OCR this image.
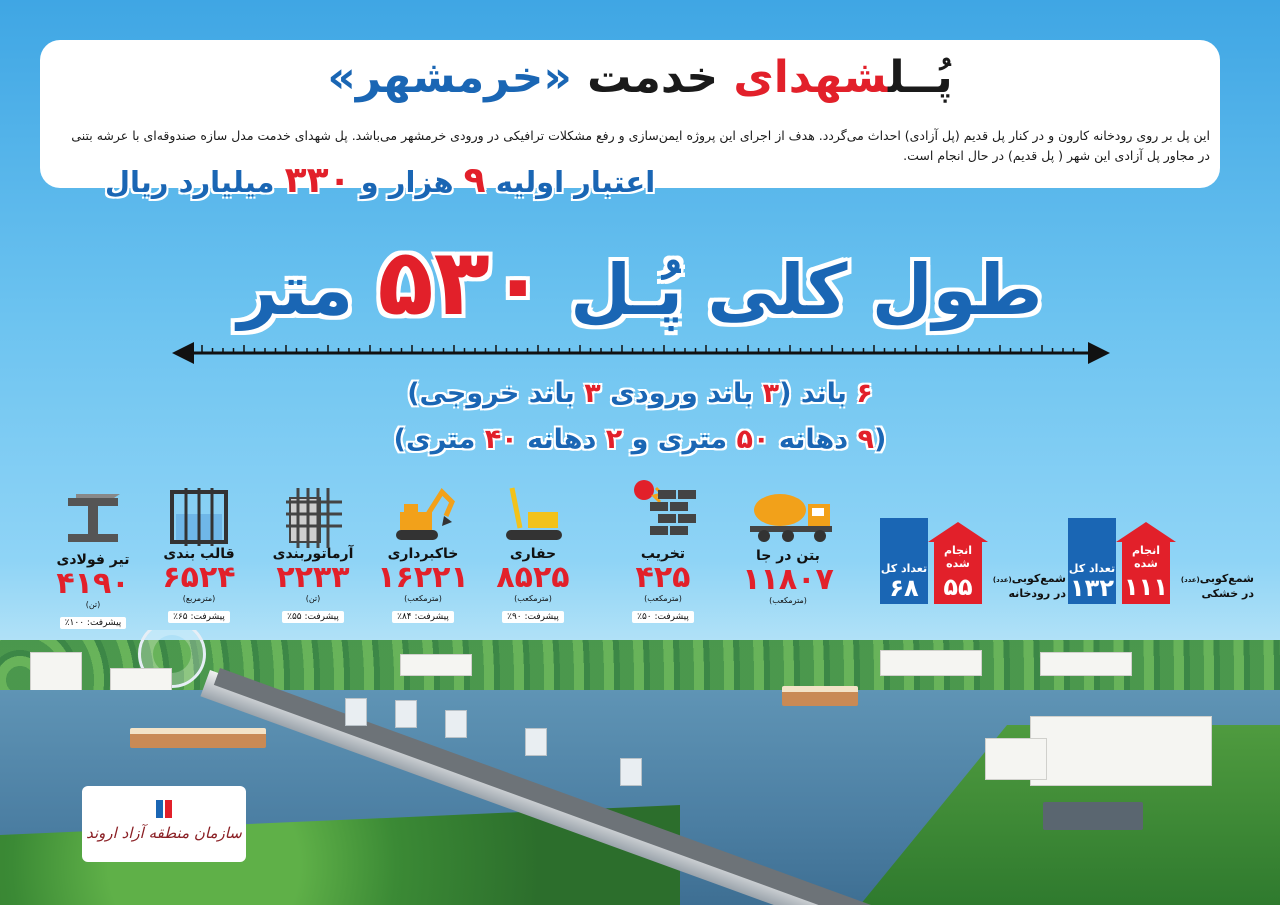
پُــلشهدای خدمت «خرمشهر»
این پل بر روی رودخانه کارون و در کنار پل قدیم (پل آزادی) احداث می‌گردد. هدف از اجرای این پروژه ایمن‌سازی و رفع مشکلات ترافیکی در ورودی خرمشهر می‌باشد. پل شهدای خدمت مدل سازه صندوقه‌ای با عرشه بتنی در مجاور پل آزادی این شهر ( پل قدیم) در حال انجام است.
اعتبار اولیه ۹ هزار و ۳۳۰ میلیارد ریال
طول کلی پُـل ۵۳۰ متر
۶ باند (۳ باند ورودی ۳ باند خروجی)
(۹ دهانه ۵۰ متری و ۲ دهانه ۴۰ متری)
تیر فولادی
۴۱۹۰
(تن)
پیشرفت: ۱۰۰٪
قالب بندی
۶۵۲۴
(مترمربع)
پیشرفت: ۶۵٪
آرماتوربندی
۲۲۳۳
(تن)
پیشرفت: ۵۵٪
خاکبرداری
۱۶۲۲۱
(مترمکعب)
پیشرفت: ۸۴٪
حفاری
۸۵۲۵
(مترمکعب)
پیشرفت: ۹۰٪
تخریب
۴۲۵
(مترمکعب)
پیشرفت: ۵۰٪
بتن در جا
۱۱۸۰۷
(مترمکعب)
تعداد کل
۶۸
انجام شده
۵۵	شمع‌کوبی(عدد)
در رودخانه
تعداد کل
۱۳۲
انجام شده
۱۱۱	شمع‌کوبی(عدد)
در خشکی
سازمان منطقه آزاد اروند
